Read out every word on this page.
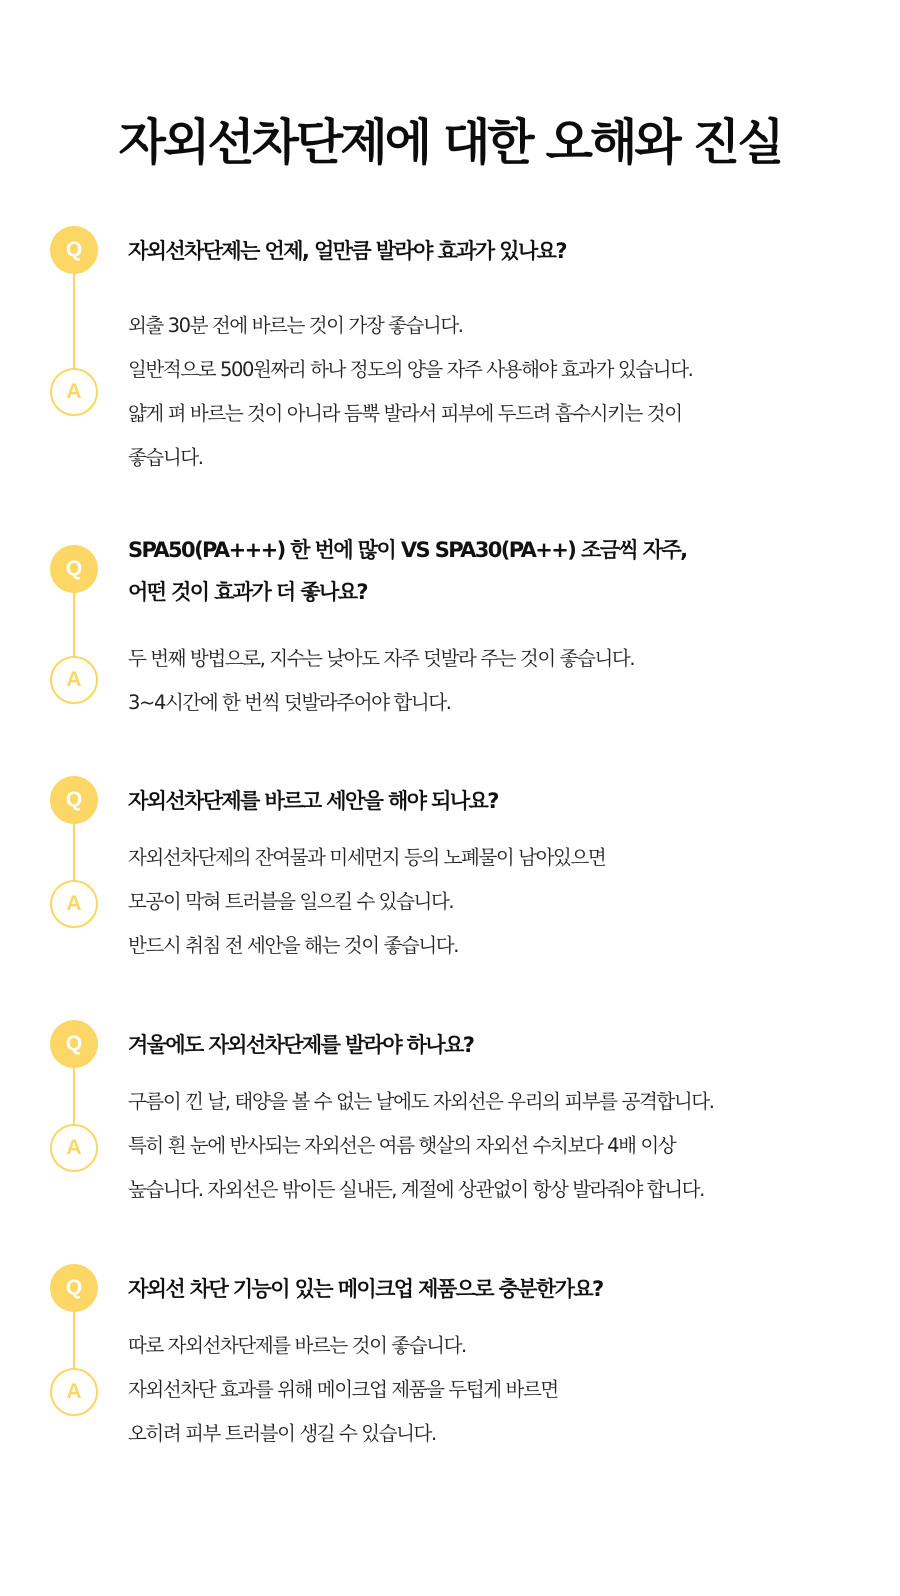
자외선차단제에 대한 오해와 진실
Q
A
자외선차단제는 언제, 얼만큼 발라야 효과가 있나요?

외출 30분 전에 바르는 것이 가장 좋습니다.
일반적으로 500원짜리 하나 정도의 양을 자주 사용해야 효과가 있습니다.
얇게 펴 바르는 것이 아니라 듬뿍 발라서 피부에 두드려 흡수시키는 것이
좋습니다.

Q
A
SPA50(PA+++) 한 번에 많이 VS SPA30(PA++) 조금씩 자주,
어떤 것이 효과가 더 좋나요?

두 번째 방법으로, 지수는 낮아도 자주 덧발라 주는 것이 좋습니다.
3~4시간에 한 번씩 덧발라주어야 합니다.

Q
A
자외선차단제를 바르고 세안을 해야 되나요?

자외선차단제의 잔여물과 미세먼지 등의 노폐물이 남아있으면
모공이 막혀 트러블을 일으킬 수 있습니다.
반드시 취침 전 세안을 해는 것이 좋습니다.

Q
A
겨울에도 자외선차단제를 발라야 하나요?

구름이 낀 날, 태양을 볼 수 없는 날에도 자외선은 우리의 피부를 공격합니다.
특히 흰 눈에 반사되는 자외선은 여름 햇살의 자외선 수치보다 4배 이상
높습니다. 자외선은 밖이든 실내든, 계절에 상관없이 항상 발라줘야 합니다.

Q
A
자외선 차단 기능이 있는 메이크업 제품으로 충분한가요?

따로 자외선차단제를 바르는 것이 좋습니다.
자외선차단 효과를 위해 메이크업 제품을 두텁게 바르면
오히려 피부 트러블이 생길 수 있습니다.
